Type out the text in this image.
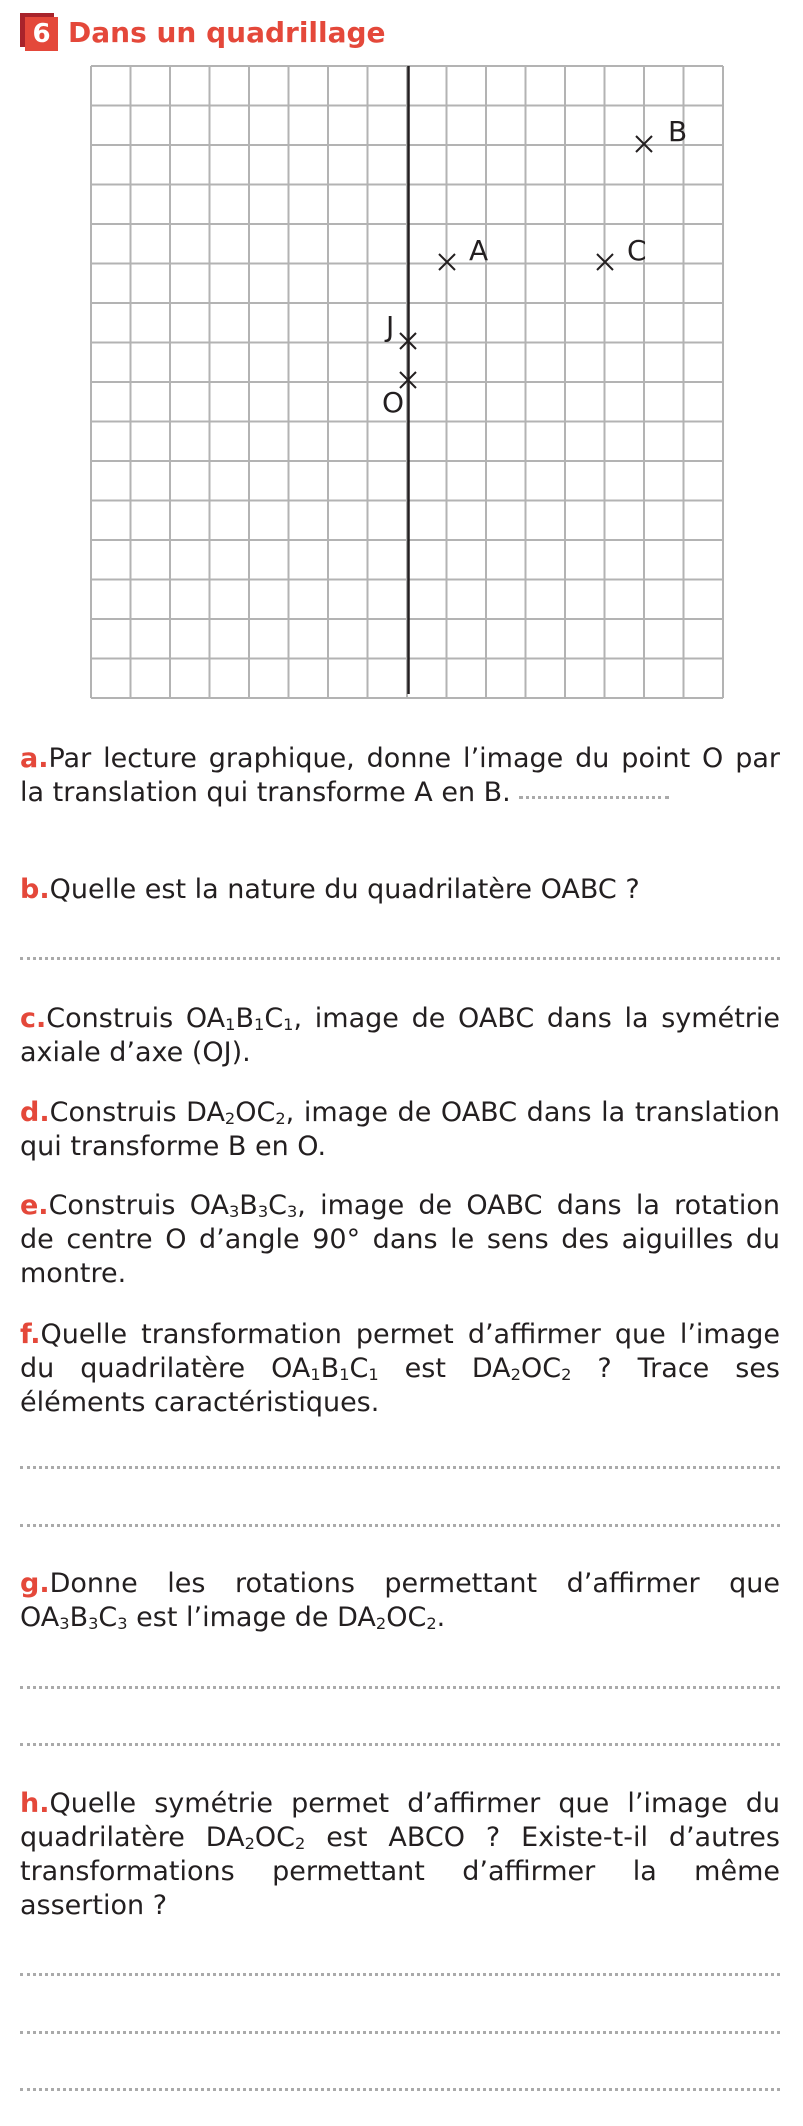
6 Dans un quadrillage
B
A	C
J
O
a.Par lecture graphique, donne l’image du point O par la translation qui transforme A en B.
b.Quelle est la nature du quadrilatère OABC ?
c.Construis $OA_1B_1C_1$, image de OABC dans la symétrie axiale d’axe (OJ).
d.Construis $DA_2OC_2$, image de OABC dans la translation qui transforme B en O.
e.Construis $OA_3B_3C_3$, image de OABC dans la rotation de centre O d’angle 90° dans le sens des aiguilles du montre.
f.Quelle transformation permet d’affirmer que l’image du quadrilatère $OA_1B_1C_1$ est $DA_2OC_2$ ? Trace ses éléments caractéristiques.
g.Donne les rotations permettant d’affirmer que $OA_3B_3C_3$ est l’image de $DA_2OC_2$.
h.Quelle symétrie permet d’affirmer que l’image du quadrilatère $DA_2OC_2$ est ABCO ? Existe-t-il d’autres transformations permettant d’affirmer la même assertion ?
